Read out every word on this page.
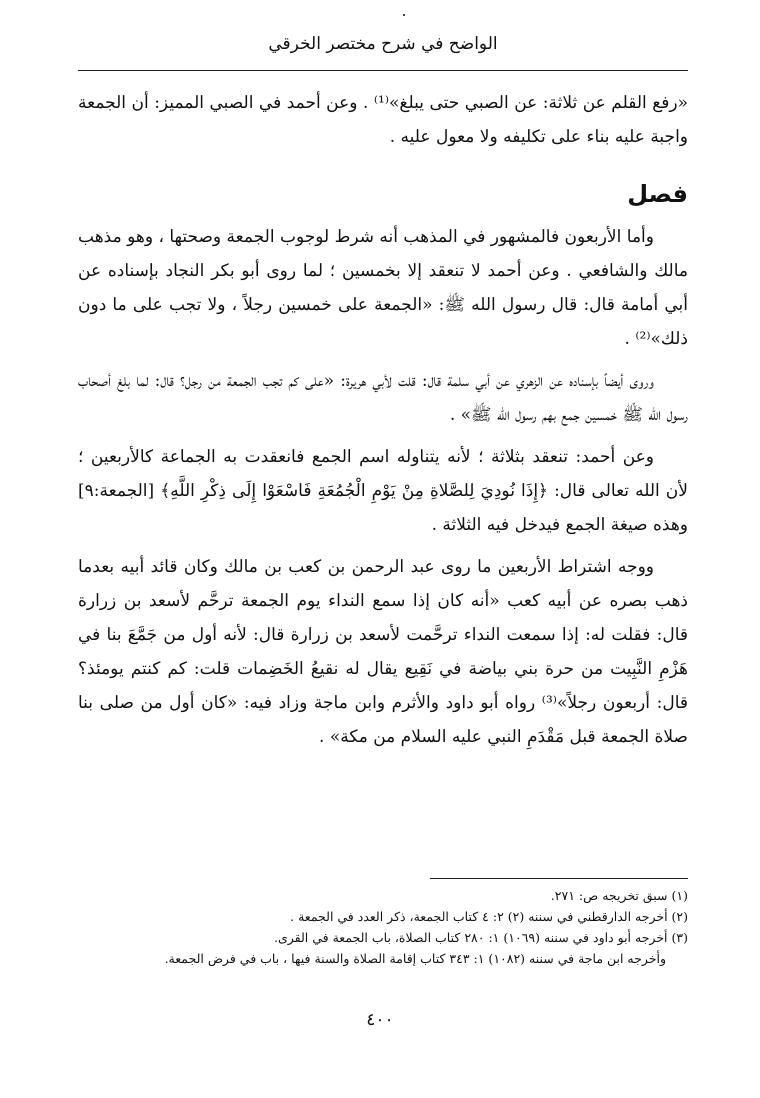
الواضح في شرح مختصر الخرقي

«رفع القلم عن ثلاثة: عن الصبي حتى يبلغ»⁽¹⁾ . وعن أحمد في الصبي المميز: أن الجمعة واجبة عليه بناء على تكليفه ولا معول عليه .

فصل

وأما الأربعون فالمشهور في المذهب أنه شرط لوجوب الجمعة وصحتها ، وهو مذهب مالك والشافعي . وعن أحمد لا تنعقد إلا بخمسين ؛ لما روى أبو بكر النجاد بإسناده عن أبي أمامة قال: قال رسول الله ﷺ: «الجمعة على خمسين رجلاً ، ولا تجب على ما دون ذلك»⁽²⁾ .

وروى أيضاً بإسناده عن الزهري عن أبي سلمة قال: قلت لأبي هريرة: «على كم تجب الجمعة من رجل؟ قال: لما بلغ أصحاب رسول الله ﷺ خمسين جمع بهم رسول الله ﷺ» .

وعن أحمد: تنعقد بثلاثة ؛ لأنه يتناوله اسم الجمع فانعقدت به الجماعة كالأربعين ؛ لأن الله تعالى قال: ﴿إِذَا نُودِيَ لِلصَّلاةِ مِنْ يَوْمِ الْجُمُعَةِ فَاسْعَوْا إِلَى ذِكْرِ اللَّهِ﴾ [الجمعة:٩] وهذه صيغة الجمع فيدخل فيه الثلاثة .

ووجه اشتراط الأربعين ما روى عبد الرحمن بن كعب بن مالك وكان قائد أبيه بعدما ذهب بصره عن أبيه كعب «أنه كان إذا سمع النداء يوم الجمعة ترحَّم لأسعد بن زرارة قال: فقلت له: إذا سمعت النداء ترحَّمت لأسعد بن زرارة قال: لأنه أول من جَمَّعَ بنا في هَزْمِ النَّبِيت من حرة بني بياضة في نَقِيع يقال له نقيعُ الخَضِمات قلت: كم كنتم يومئذ؟ قال: أربعون رجلاً»⁽³⁾ رواه أبو داود والأثرم وابن ماجة وزاد فيه: «كان أول من صلى بنا صلاة الجمعة قبل مَقْدَمِ النبي عليه السلام من مكة» .

(١) سبق تخريجه ص: ٢٧١.
(٢) أخرجه الدارقطني في سننه (٢) ٢: ٤ كتاب الجمعة، ذكر العدد في الجمعة .
(٣) أخرجه أبو داود في سننه (١٠٦٩) ١: ٢٨٠ كتاب الصلاة، باب الجمعة في القرى.
وأخرجه ابن ماجة في سننه (١٠٨٢) ١: ٣٤٣ كتاب إقامة الصلاة والسنة فيها ، باب في فرض الجمعة.
٤٠٠
